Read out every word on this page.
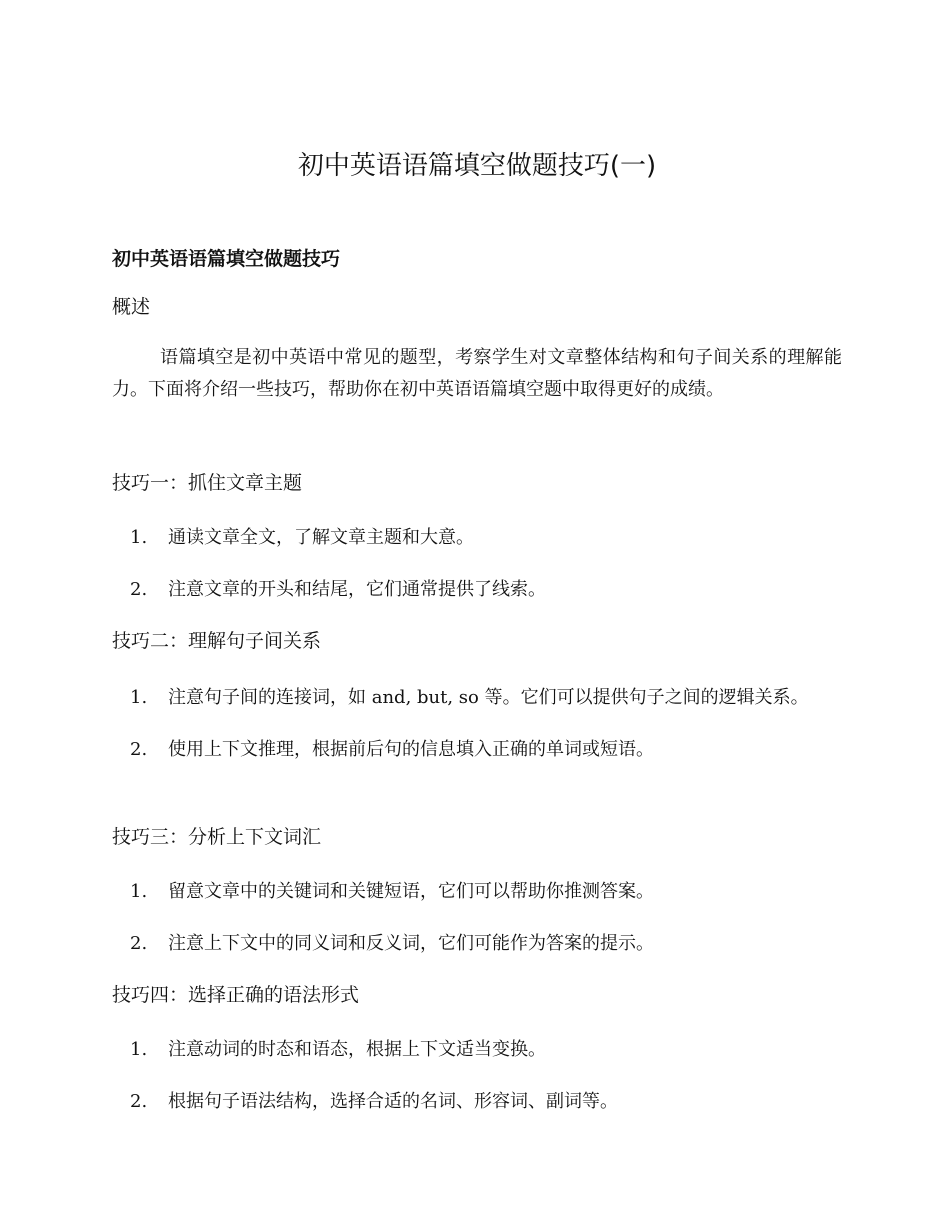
初中英语语篇填空做题技巧(一)
初中英语语篇填空做题技巧
概述

语篇填空是初中英语中常见的题型，考察学生对文章整体结构和句子间关系的理解能力。下面将介绍一些技巧，帮助你在初中英语语篇填空题中取得更好的成绩。

技巧一：抓住文章主题
1. 通读文章全文，了解文章主题和大意。
2. 注意文章的开头和结尾，它们通常提供了线索。
技巧二：理解句子间关系
1. 注意句子间的连接词，如 and, but, so 等。它们可以提供句子之间的逻辑关系。
2. 使用上下文推理，根据前后句的信息填入正确的单词或短语。
技巧三：分析上下文词汇
1. 留意文章中的关键词和关键短语，它们可以帮助你推测答案。
2. 注意上下文中的同义词和反义词，它们可能作为答案的提示。
技巧四：选择正确的语法形式
1. 注意动词的时态和语态，根据上下文适当变换。
2. 根据句子语法结构，选择合适的名词、形容词、副词等。
